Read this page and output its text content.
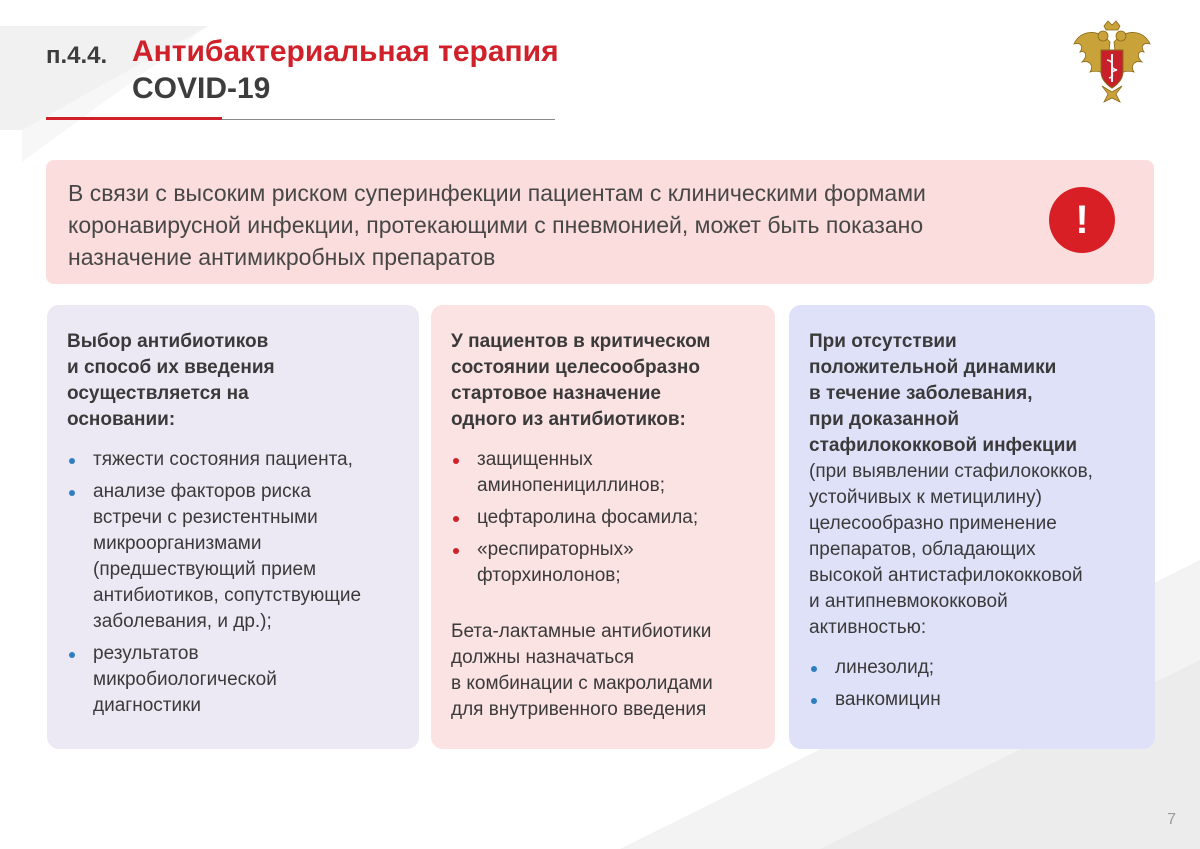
п.4.4. Антибактериальная терапия
COVID-19

В связи с высоким риском суперинфекции пациентам с клиническими формами коронавирусной инфекции, протекающими с пневмонией, может быть показано назначение антимикробных препаратов

!

Выбор антибиотиков
и способ их введения
осуществляется на
основании:

тяжести состояния пациента,
анализе факторов риска
встречи с резистентными
микроорганизмами
(предшествующий прием
антибиотиков, сопутствующие
заболевания, и др.);
результатов
микробиологической
диагностики

У пациентов в критическом
состоянии целесообразно
стартовое назначение
одного из антибиотиков:

защищенных
аминопенициллинов;
цефтаролина фосамила;
«респираторных»
фторхинолонов;

Бета-лактамные антибиотики
должны назначаться
в комбинации с макролидами
для внутривенного введения

При отсутствии
положительной динамики
в течение заболевания,
при доказанной
стафилококковой инфекции

(при выявлении стафилококков,
устойчивых к метицилину)
целесообразно применение
препаратов, обладающих
высокой антистафилококковой
и антипневмококковой
активностью:

линезолид;
ванкомицин
7
